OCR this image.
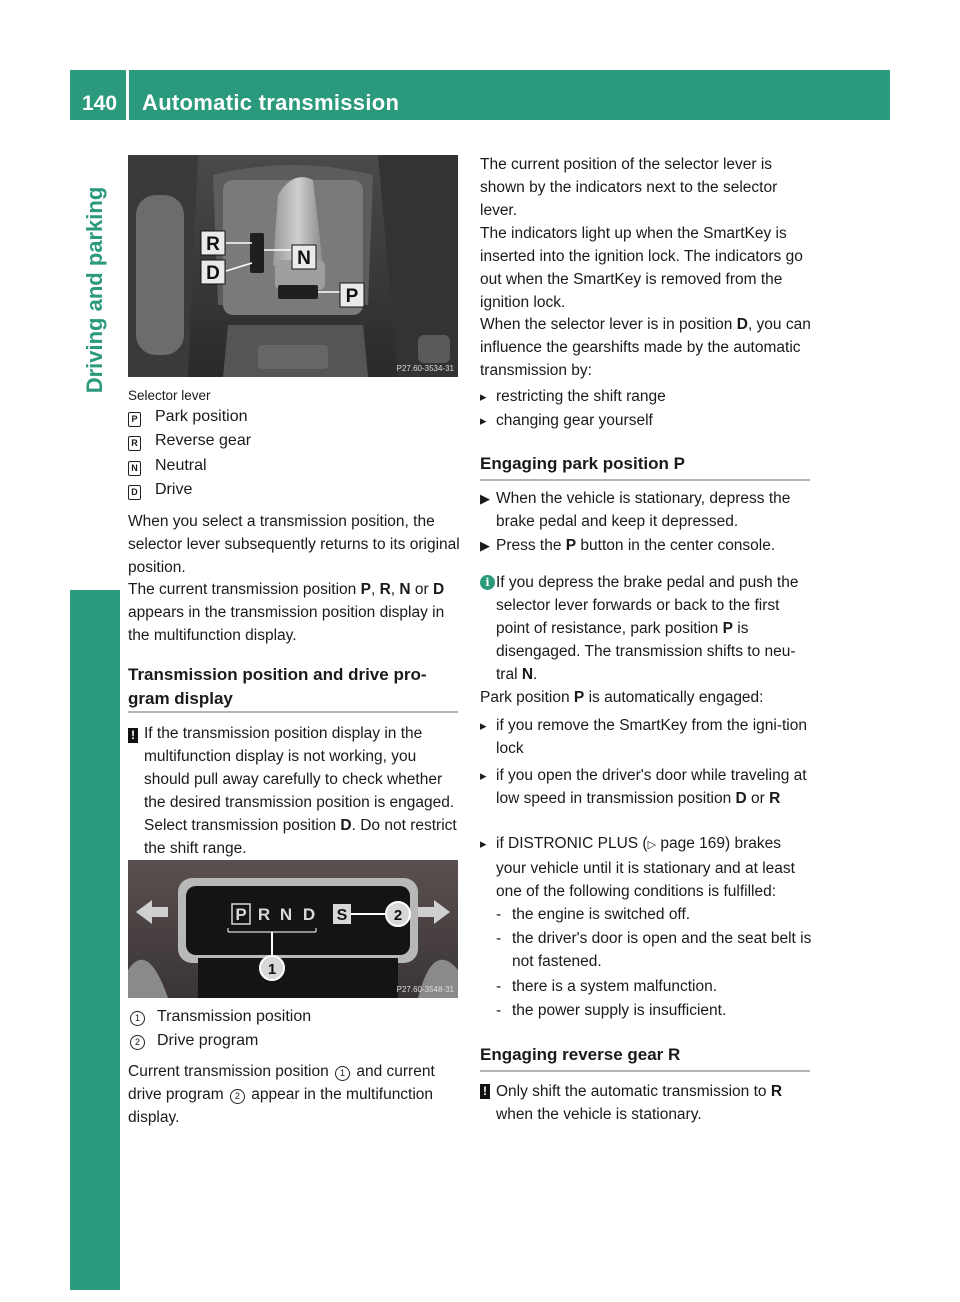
140 Automatic transmission
Driving and parking	R
D
N
P
P27.60-3534-31
Selector lever
P Park position
R Reverse gear
N Neutral
D Drive

When you select a transmission position, the selector lever subsequently returns to its original position.

The current transmission position P, R, N or D appears in the transmission position display in the multifunction display.

Transmission position and drive pro-gram display
! If the transmission position display in the multifunction display is not working, you should pull away carefully to check whether the desired transmission position is engaged. Select transmission position D. Do not restrict the shift range.
P R N D S
1
2
P27.60-3548-31
1 Transmission position
2 Drive program

Current transmission position 1 and current drive program 2 appear in the multifunction display.

The current position of the selector lever is shown by the indicators next to the selector lever.

The indicators light up when the SmartKey is inserted into the ignition lock. The indicators go out when the SmartKey is removed from the ignition lock.

When the selector lever is in position D, you can influence the gearshifts made by the automatic transmission by:

▸ restricting the shift range
▸ changing gear yourself
Engaging park position P
▶ When the vehicle is stationary, depress the brake pedal and keep it depressed.
▶ Press the P button in the center console.
i If you depress the brake pedal and push the selector lever forwards or back to the first point of resistance, park position P is disengaged. The transmission shifts to neu-tral N.

Park position P is automatically engaged:

▸ if you remove the SmartKey from the igni-tion lock
▸ if you open the driver's door while traveling at low speed in transmission position D or R
▸ if DISTRONIC PLUS (▷ page 169) brakes your vehicle until it is stationary and at least one of the following conditions is fulfilled:
- the engine is switched off.
- the driver's door is open and the seat belt is not fastened.
- there is a system malfunction.
- the power supply is insufficient.
Engaging reverse gear R
! Only shift the automatic transmission to R when the vehicle is stationary.
